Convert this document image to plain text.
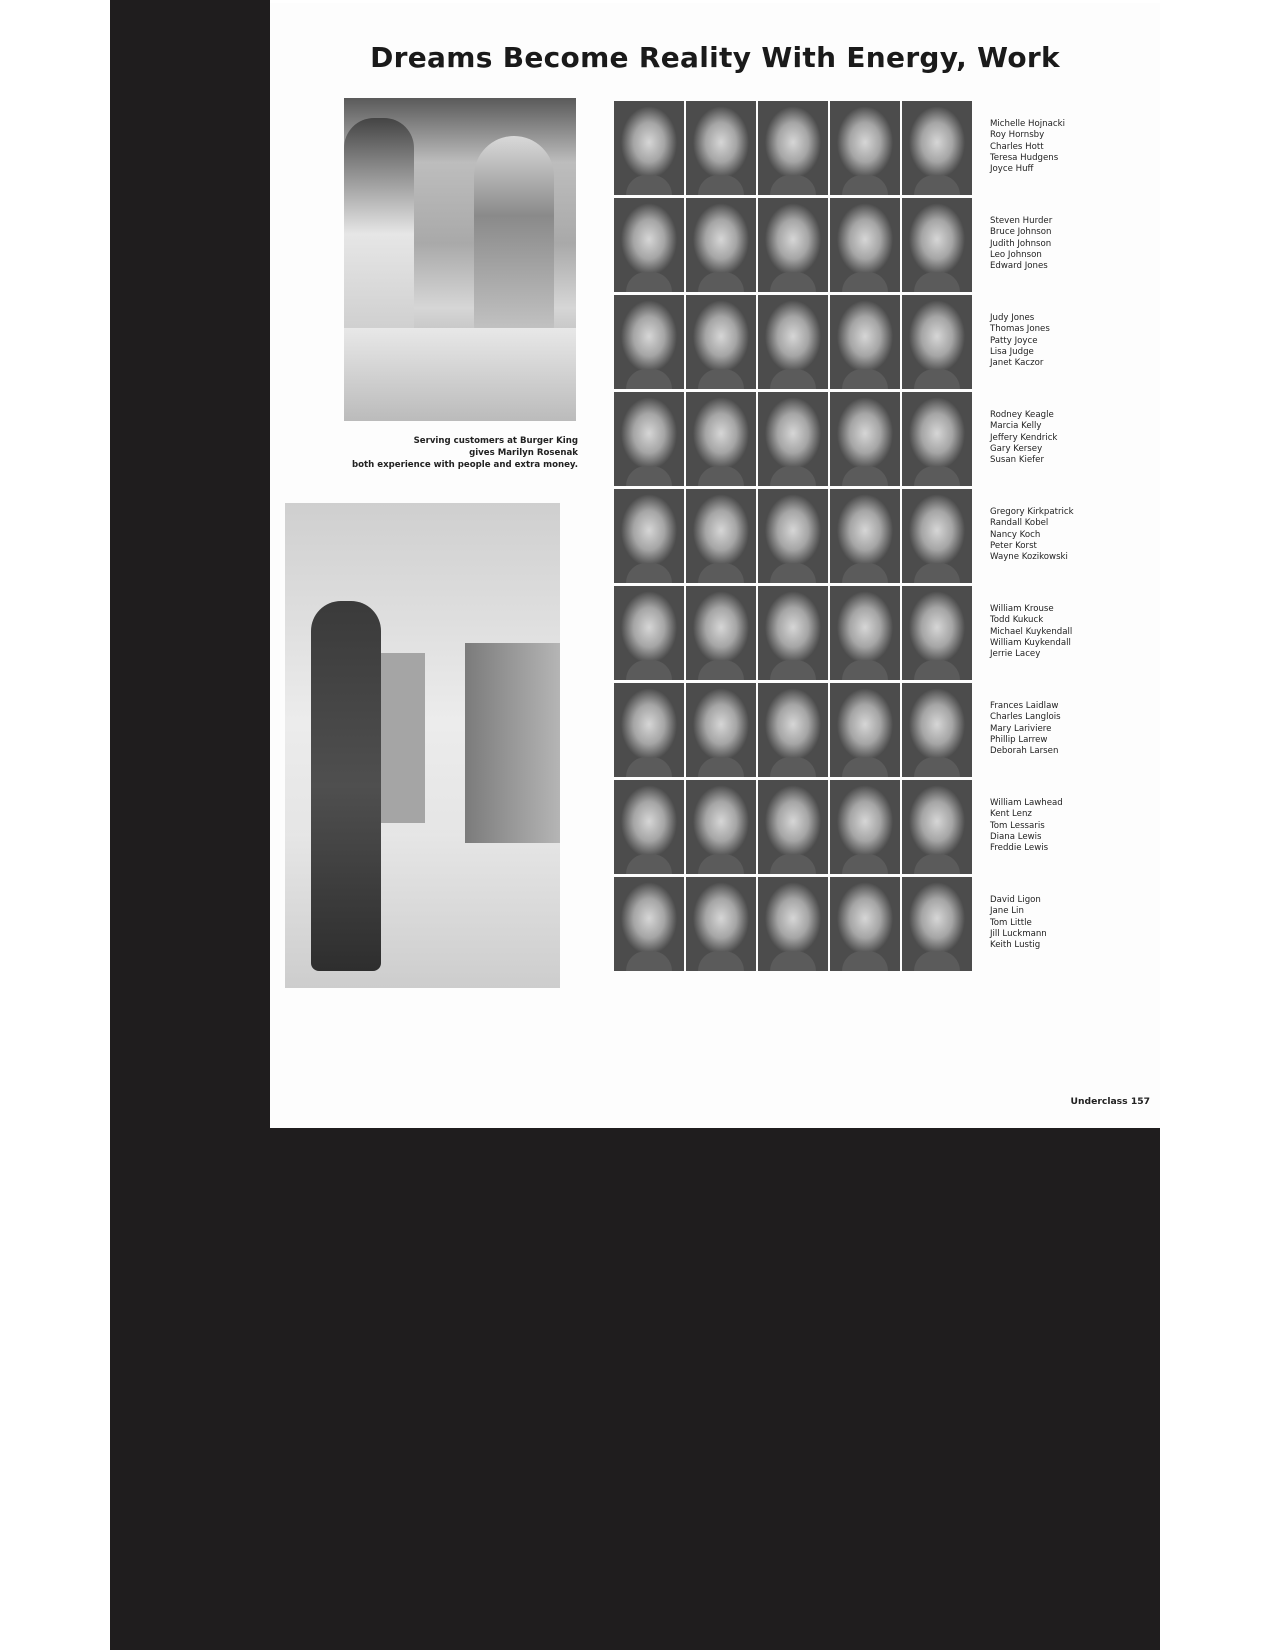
Dreams Become Reality With Energy, Work
Serving customers at Burger King
gives Marilyn Rosenak
both experience with people and extra money.
Underclass 157
Michelle Hojnacki
Roy Hornsby
Charles Hott
Teresa Hudgens
Joyce Huff
Steven Hurder
Bruce Johnson
Judith Johnson
Leo Johnson
Edward Jones
Judy Jones
Thomas Jones
Patty Joyce
Lisa Judge
Janet Kaczor
Rodney Keagle
Marcia Kelly
Jeffery Kendrick
Gary Kersey
Susan Kiefer
Gregory Kirkpatrick
Randall Kobel
Nancy Koch
Peter Korst
Wayne Kozikowski
William Krouse
Todd Kukuck
Michael Kuykendall
William Kuykendall
Jerrie Lacey
Frances Laidlaw
Charles Langlois
Mary Lariviere
Phillip Larrew
Deborah Larsen
William Lawhead
Kent Lenz
Tom Lessaris
Diana Lewis
Freddie Lewis
David Ligon
Jane Lin
Tom Little
Jill Luckmann
Keith Lustig
